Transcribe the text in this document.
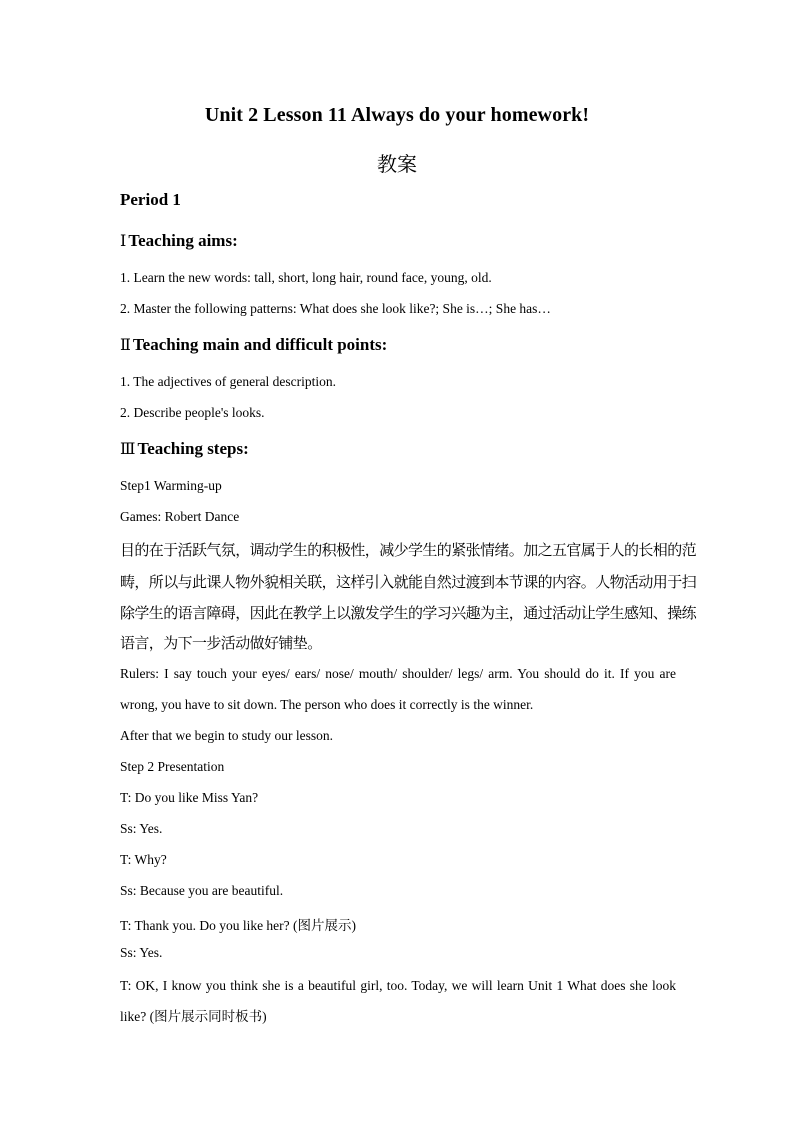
Unit 2 Lesson 11 Always do your homework!
教案
Period 1
Ⅰ Teaching aims:
1. Learn the new words: tall, short, long hair, round face, young, old.
2. Master the following patterns: What does she look like?; She is…; She has…
Ⅱ Teaching main and difficult points:
1. The adjectives of general description.
2. Describe people's looks.
Ⅲ Teaching steps:
Step1 Warming-up
Games: Robert Dance
目的在于活跃气氛，调动学生的积极性，减少学生的紧张情绪。加之五官属于人的长相的范
畴，所以与此课人物外貌相关联，这样引入就能自然过渡到本节课的内容。人物活动用于扫
除学生的语言障碍，因此在教学上以激发学生的学习兴趣为主，通过活动让学生感知、操练
语言，为下一步活动做好铺垫。
Rulers: I say touch your eyes/ ears/ nose/ mouth/ shoulder/ legs/ arm. You should do it. If you are wrong, you have to sit down. The person who does it correctly is the winner.
After that we begin to study our lesson.
Step 2 Presentation
T: Do you like Miss Yan?
Ss: Yes.
T: Why?
Ss: Because you are beautiful.
T: Thank you. Do you like her? (图片展示)
Ss: Yes.
T: OK, I know you think she is a beautiful girl, too. Today, we will learn Unit 1 What does she look like? (图片展示同时板书)
